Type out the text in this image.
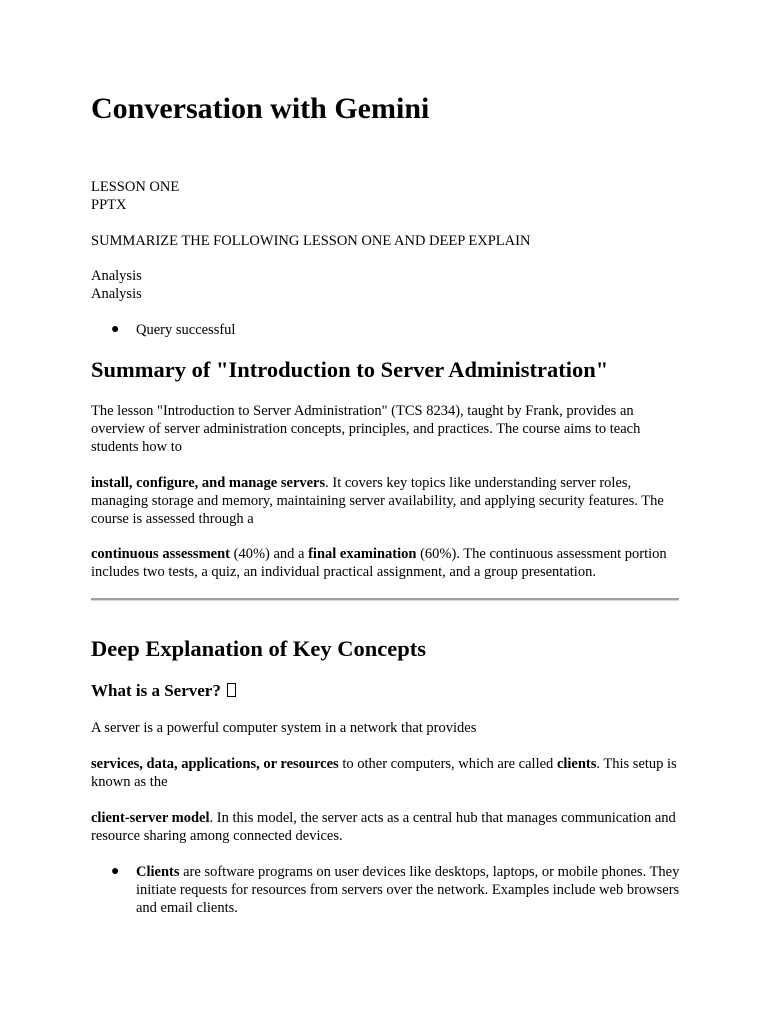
Conversation with Gemini
LESSON ONE
PPTX
SUMMARIZE THE FOLLOWING LESSON ONE AND DEEP EXPLAIN
Analysis
Analysis
● Query successful
Summary of "Introduction to Server Administration"
The lesson "Introduction to Server Administration" (TCS 8234), taught by Frank, provides an overview of server administration concepts, principles, and practices. The course aims to teach students how to
install, configure, and manage servers. It covers key topics like understanding server roles, managing storage and memory, maintaining server availability, and applying security features. The course is assessed through a
continuous assessment (40%) and a final examination (60%). The continuous assessment portion includes two tests, a quiz, an individual practical assignment, and a group presentation.
Deep Explanation of Key Concepts
What is a Server?
A server is a powerful computer system in a network that provides
services, data, applications, or resources to other computers, which are called clients. This setup is known as the
client-server model. In this model, the server acts as a central hub that manages communication and resource sharing among connected devices.
● Clients are software programs on user devices like desktops, laptops, or mobile phones. They initiate requests for resources from servers over the network. Examples include web browsers and email clients.
